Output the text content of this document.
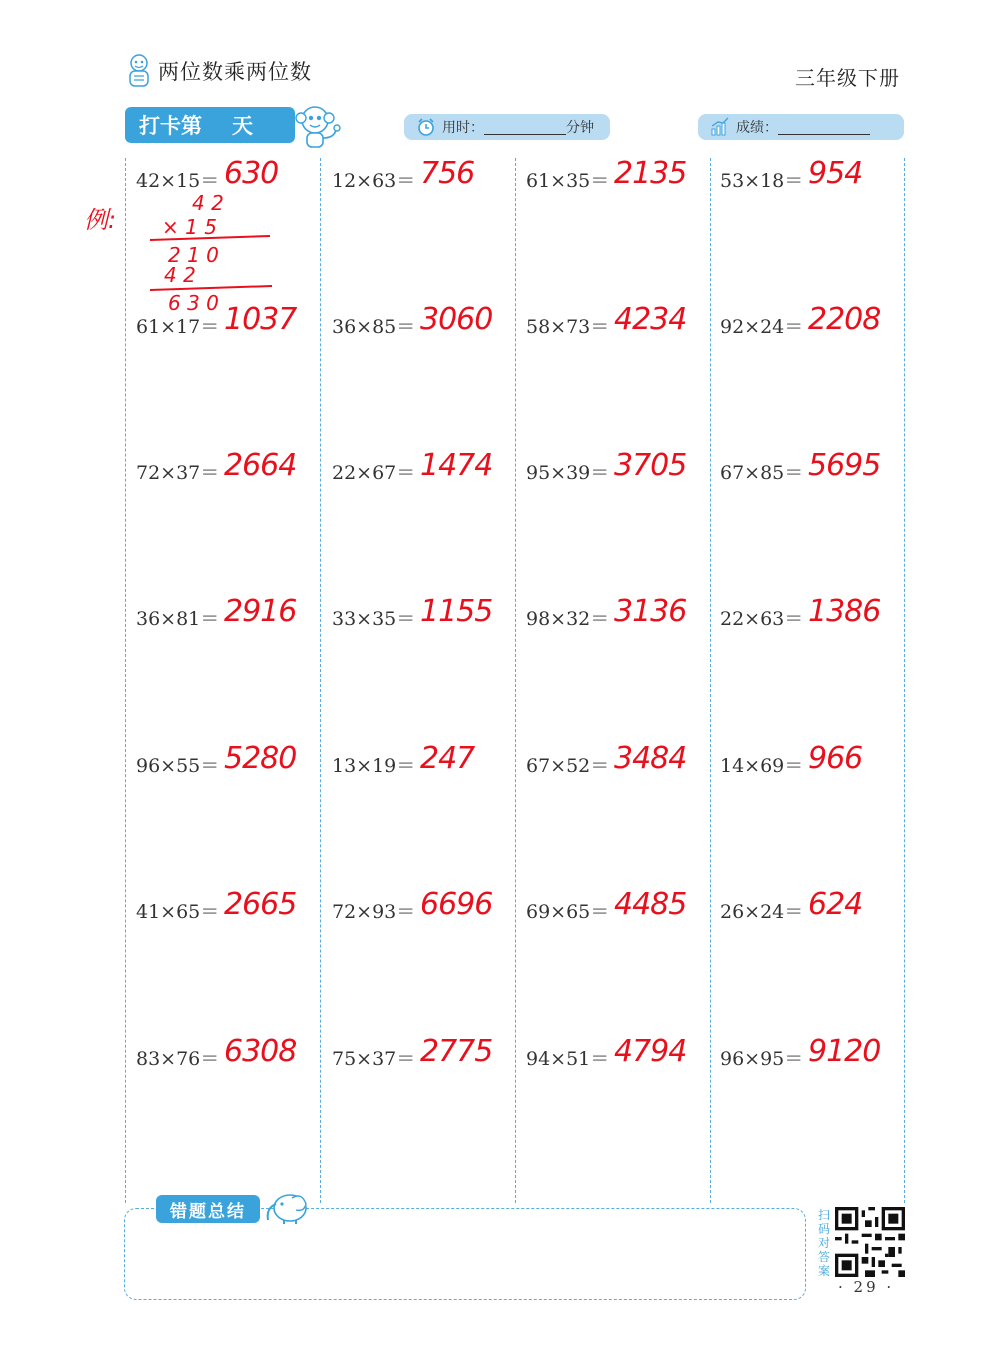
两位数乘两位数	三年级下册
打卡第 天	用时：	分钟	成绩：
例:
4 2
× 1 5
2 1 0
4 2
6 3 0
42×15＝ 630	12×63＝ 756	61×35＝ 2135 53×18＝ 954
61×17＝ 1037 36×85＝ 3060 58×73＝ 4234 92×24＝ 2208
72×37＝ 2664 22×67＝ 1474 95×39＝ 3705 67×85＝ 5695
36×81＝ 2916 33×35＝ 1155 98×32＝ 3136 22×63＝ 1386
96×55＝ 5280 13×19＝ 247	67×52＝ 3484 14×69＝ 966
41×65＝ 2665 72×93＝ 6696 69×65＝ 4485 26×24＝ 624
83×76＝ 6308 75×37＝ 2775 94×51＝ 4794 96×95＝ 9120
错题总结	扫码对答案
· 29 ·
